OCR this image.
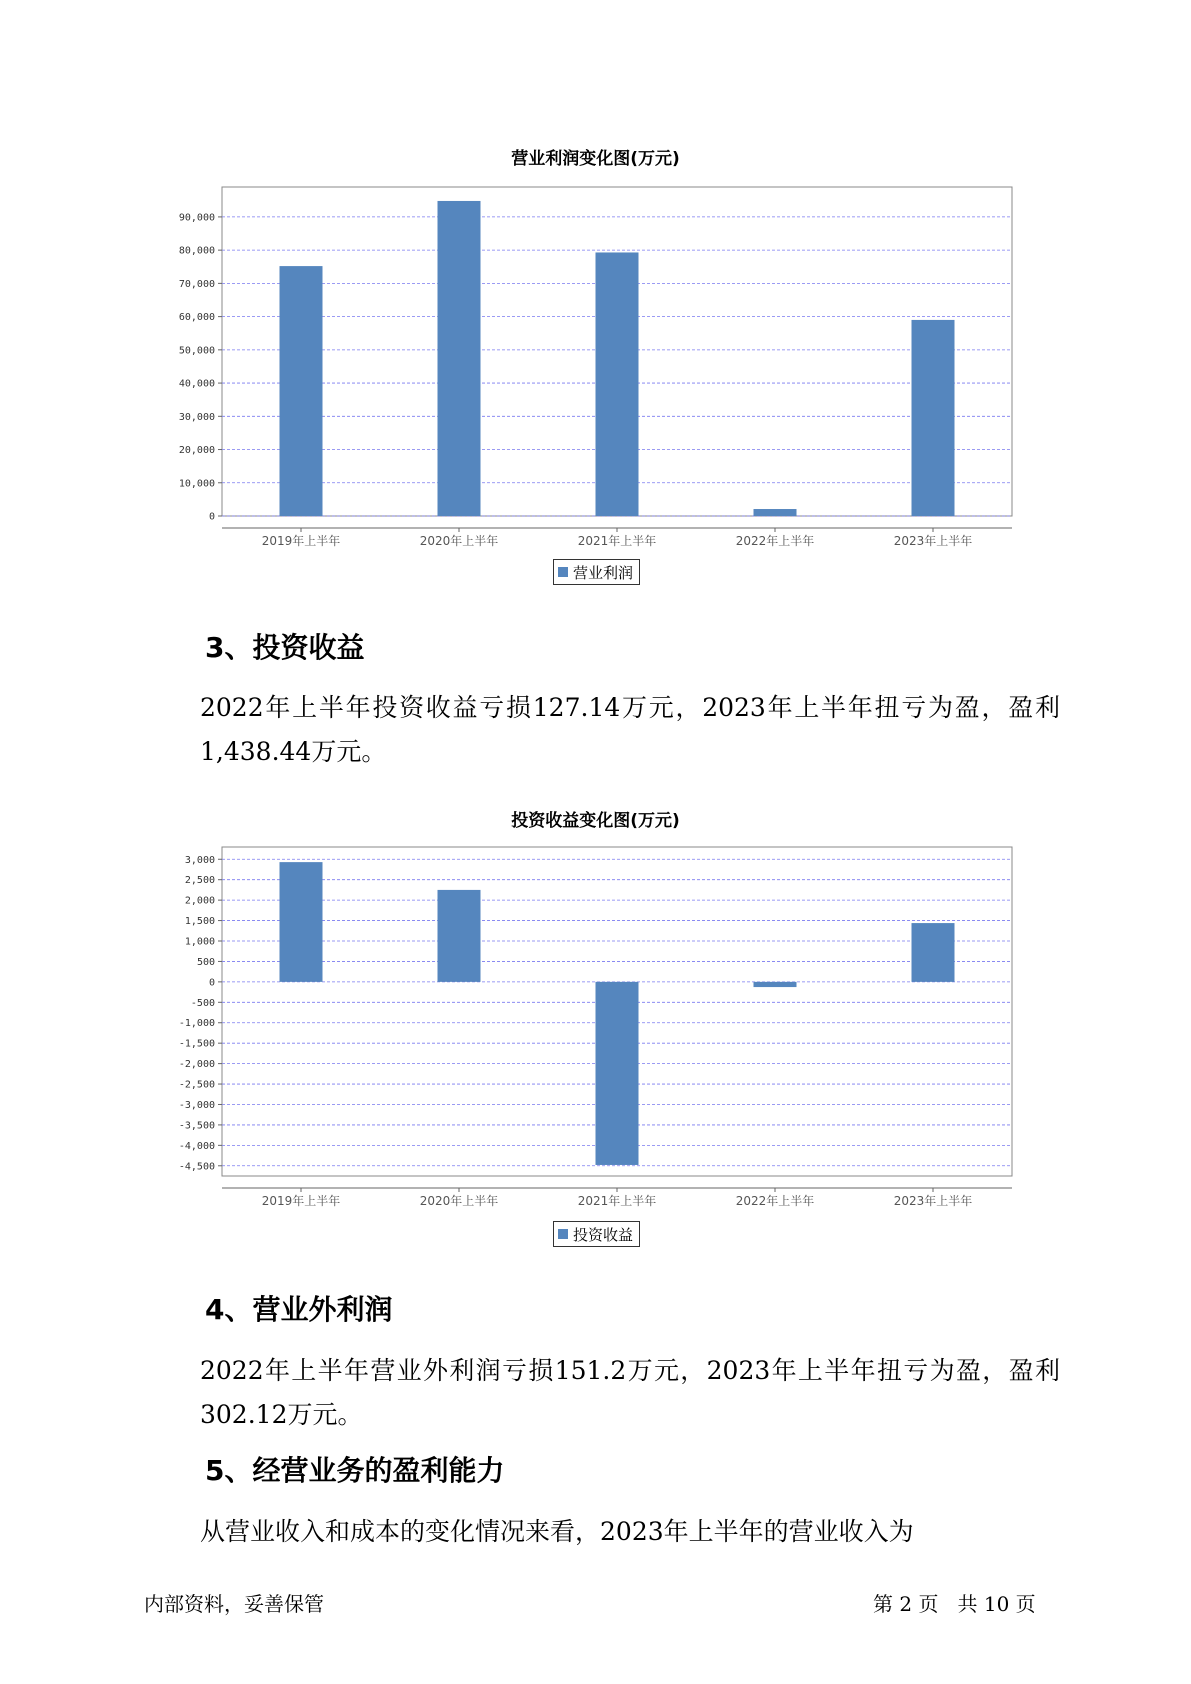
营业利润变化图(万元)
0
10,000
20,000
30,000
40,000
50,000
60,000
70,000
80,000
90,000
2019年上半年	2020年上半年	2021年上半年	2022年上半年	2023年上半年
营业利润
3、投资收益
2022年上半年投资收益亏损127.14万元，2023年上半年扭亏为盈，盈利1,438.44万元。
投资收益变化图(万元)
3,000
2,500
2,000
1,500
1,000
500
0
-500
-1,000
-1,500
-2,000
-2,500
-3,000
-3,500
-4,000
-4,500
2019年上半年	2020年上半年	2021年上半年	2022年上半年	2023年上半年
投资收益
4、营业外利润
2022年上半年营业外利润亏损151.2万元，2023年上半年扭亏为盈，盈利302.12万元。
5、经营业务的盈利能力
从营业收入和成本的变化情况来看，2023年上半年的营业收入为
内部资料，妥善保管	第 2 页   共 10 页
